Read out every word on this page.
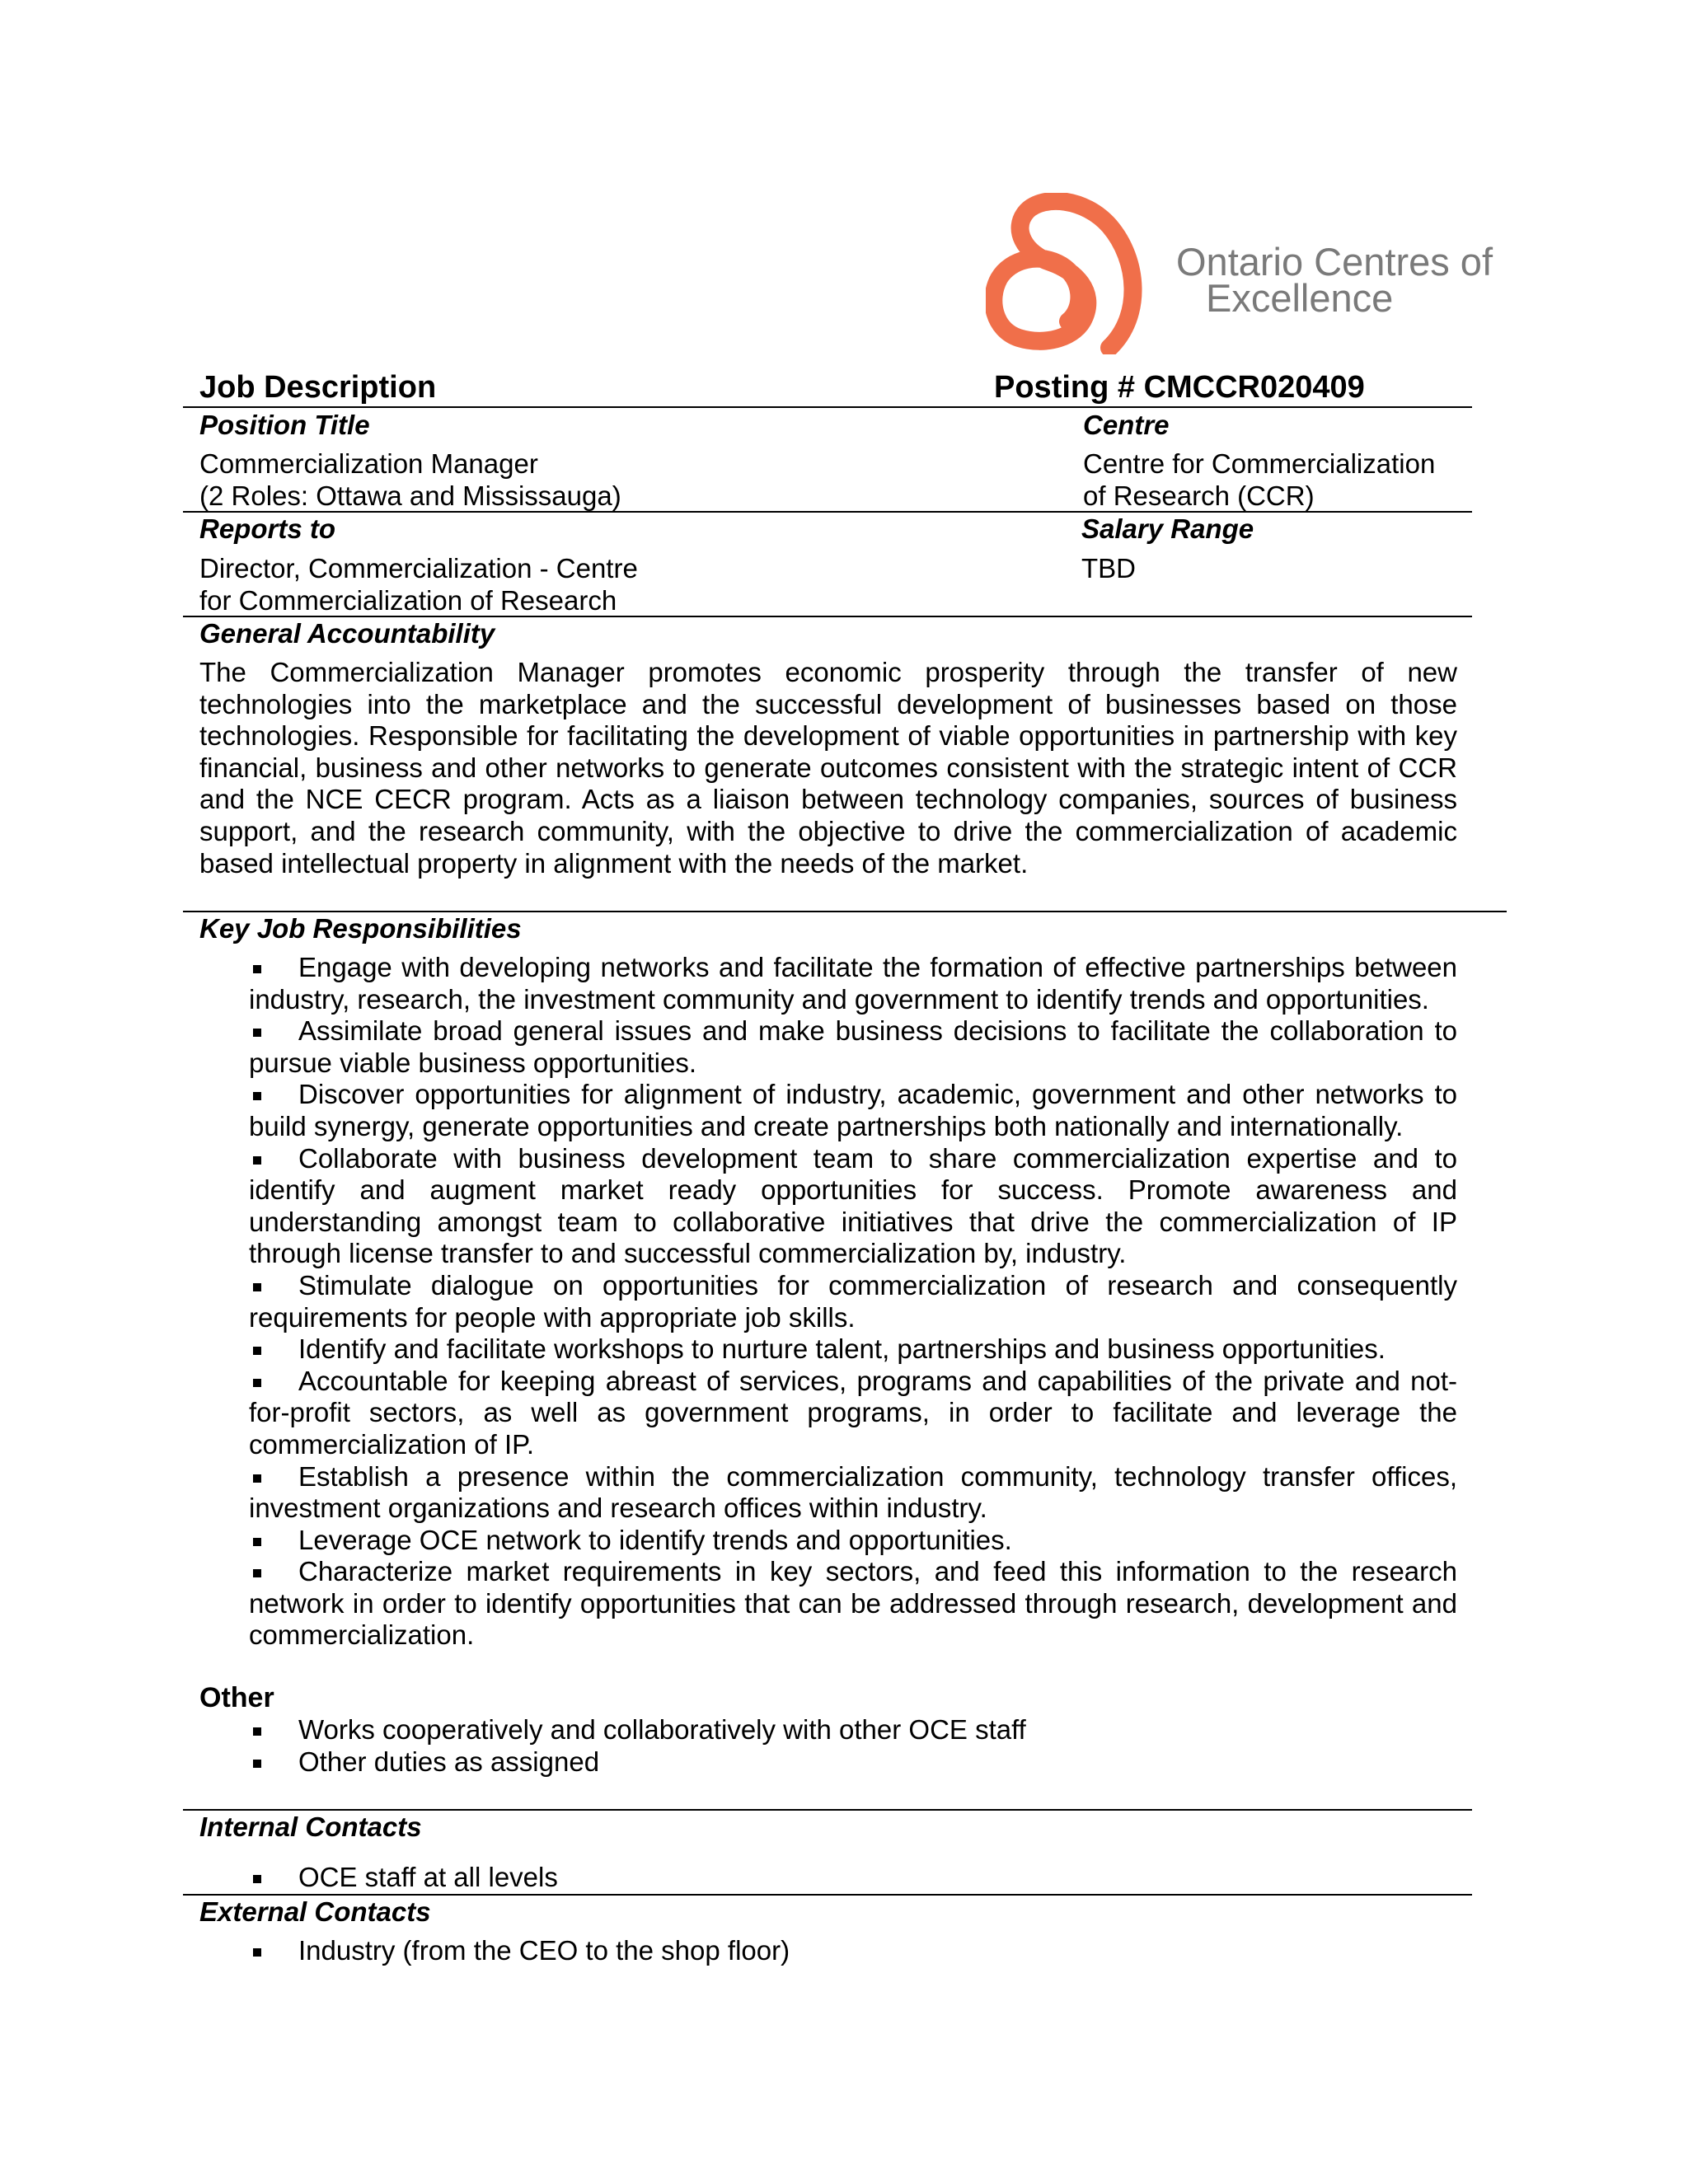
Ontario Centres of
Excellence
Job Description	Posting # CMCCR020409
Position Title
Commercialization Manager
(2 Roles: Ottawa and Mississauga)
Centre
Centre for Commercialization
of Research (CCR)
Reports to
Director, Commercialization - Centre
for Commercialization of Research
Salary Range
TBD
General Accountability
The Commercialization Manager promotes economic prosperity through the transfer of new technologies into the marketplace and the successful development of businesses based on those technologies. Responsible for facilitating the development of viable opportunities in partnership with key financial, business and other networks to generate outcomes consistent with the strategic intent of CCR and the NCE CECR program. Acts as a liaison between technology companies, sources of business support, and the research community, with the objective to drive the commercialization of academic based intellectual property in alignment with the needs of the market.
Key Job Responsibilities
Engage with developing networks and facilitate the formation of effective partnerships between industry, research, the investment community and government to identify trends and opportunities.
Assimilate broad general issues and make business decisions to facilitate the collaboration to pursue viable business opportunities.
Discover opportunities for alignment of industry, academic, government and other networks to build synergy, generate opportunities and create partnerships both nationally and internationally.
Collaborate with business development team to share commercialization expertise and to identify and augment market ready opportunities for success. Promote awareness and understanding amongst team to collaborative initiatives that drive the commercialization of IP through license transfer to and successful commercialization by, industry.
Stimulate dialogue on opportunities for commercialization of research and consequently requirements for people with appropriate job skills.
Identify and facilitate workshops to nurture talent, partnerships and business opportunities.
Accountable for keeping abreast of services, programs and capabilities of the private and not-for-profit sectors, as well as government programs, in order to facilitate and leverage the commercialization of IP.
Establish a presence within the commercialization community, technology transfer offices, investment organizations and research offices within industry.
Leverage OCE network to identify trends and opportunities.
Characterize market requirements in key sectors, and feed this information to the research network in order to identify opportunities that can be addressed through research, development and commercialization.
Other
Works cooperatively and collaboratively with other OCE staff
Other duties as assigned
Internal Contacts
OCE staff at all levels
External Contacts
Industry (from the CEO to the shop floor)
